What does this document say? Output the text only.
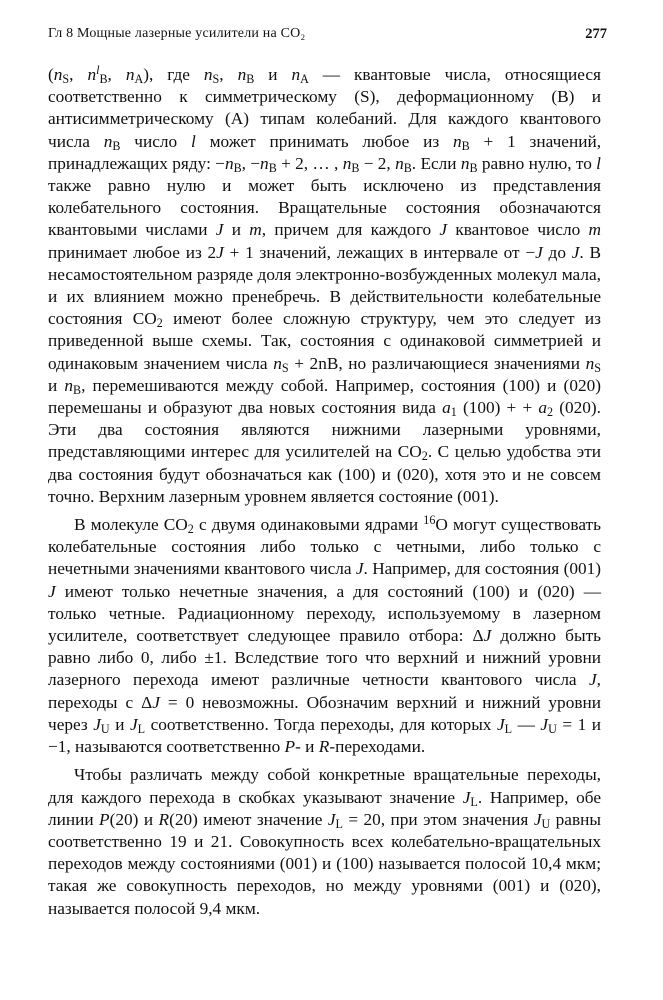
Гл 8 Мощные лазерные усилители на CO₂	277

($n_S$, $n^l_B$, $n_A$), где $n_S$, $n_B$ и $n_A$ — квантовые числа, относящиеся соответственно к симметрическому (S), деформационному (B) и антисимметрическому (A) типам колебаний. Для каждого квантового числа $n_B$ число l может принимать любое из $n_B + 1$ значений, принадлежащих ряду: $-n_B$, $-n_B + 2$, … , $n_B - 2$, $n_B$. Если $n_B$ равно нулю, то l также равно нулю и может быть исключено из представления колебательного состояния. Вращательные состояния обозначаются квантовыми числами J и m, причем для каждого J квантовое число m принимает любое из 2J + 1 значений, лежащих в интервале от −J до J. В несамостоятельном разряде доля электронно-возбужденных молекул мала, и их влиянием можно пренебречь. В действительности колебательные состояния $CO_2$ имеют более сложную структуру, чем это следует из приведенной выше схемы. Так, состояния с одинаковой симметрией и одинаковым значением числа $n_S + 2nB$, но различающиеся значениями $n_S$ и $n_B$, перемешиваются между собой. Например, состояния (100) и (020) перемешаны и образуют два новых состояния вида $a_1$ (100) + + $a_2$ (020). Эти два состояния являются нижними лазерными уровнями, представляющими интерес для усилителей на $CO_2$. С целью удобства эти два состояния будут обозначаться как (100) и (020), хотя это и не совсем точно. Верхним лазерным уровнем является состояние (001).

В молекуле $CO_2$ с двумя одинаковыми ядрами $^{16}$O могут существовать колебательные состояния либо только с четными, либо только с нечетными значениями квантового числа J. Например, для состояния (001) J имеют только нечетные значения, а для состояний (100) и (020) — только четные. Радиационному переходу, используемому в лазерном усилителе, соответствует следующее правило отбора: ΔJ должно быть равно либо 0, либо ±1. Вследствие того что верхний и нижний уровни лазерного перехода имеют различные четности квантового числа J, переходы с ΔJ = 0 невозможны. Обозначим верхний и нижний уровни через $J_U$ и $J_L$ соответственно. Тогда переходы, для которых $J_L$ — $J_U = 1$ и −1, называются соответственно P- и R-переходами.

Чтобы различать между собой конкретные вращательные переходы, для каждого перехода в скобках указывают значение $J_L$. Например, обе линии P(20) и R(20) имеют значение $J_L = 20$, при этом значения $J_U$ равны соответственно 19 и 21. Совокупность всех колебательно-вращательных переходов между состояниями (001) и (100) называется полосой 10,4 мкм; такая же совокупность переходов, но между уровнями (001) и (020), называется полосой 9,4 мкм.
